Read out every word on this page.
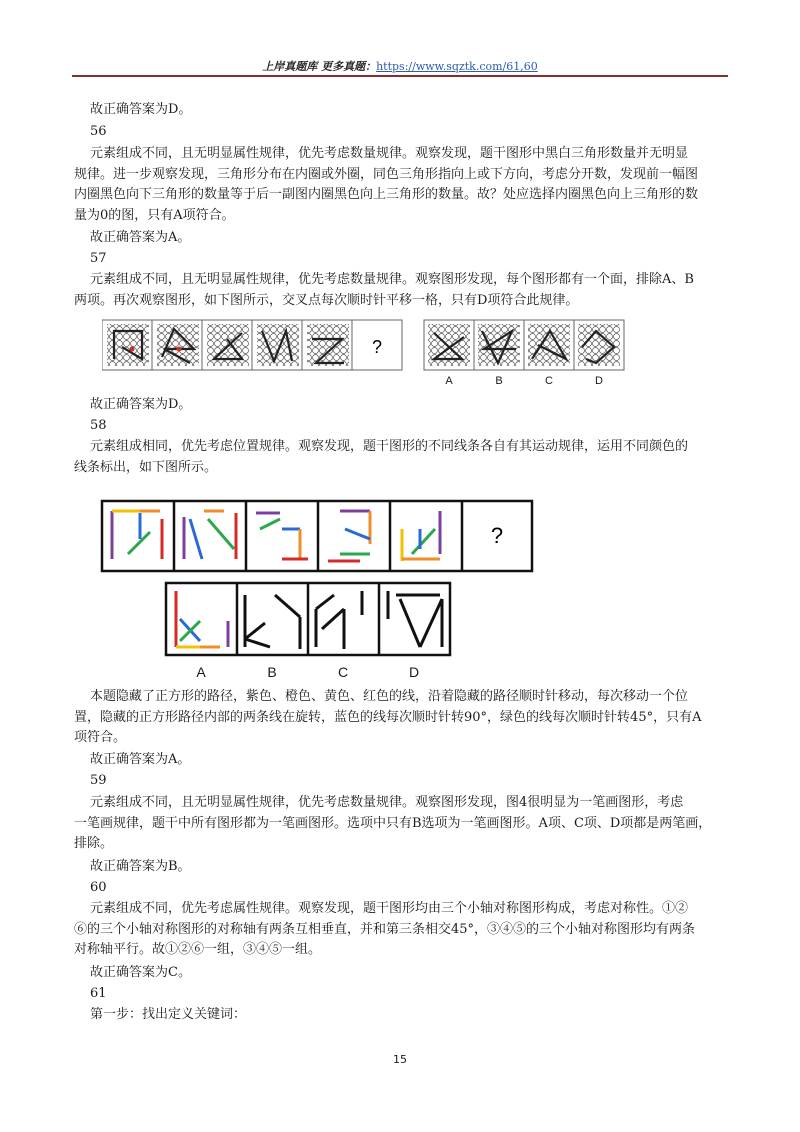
上岸真题库 更多真题：https://www.sqztk.com/61,60
故正确答案为D。
56
元素组成不同，且无明显属性规律，优先考虑数量规律。观察发现，题干图形中黑白三角形数量并无明显
规律。进一步观察发现，三角形分布在内圈或外圈，同色三角形指向上或下方向，考虑分开数，发现前一幅图
内圈黑色向下三角形的数量等于后一副图内圈黑色向上三角形的数量。故？处应选择内圈黑色向上三角形的数
量为0的图，只有A项符合。
故正确答案为A。
57
元素组成不同，且无明显属性规律，优先考虑数量规律。观察图形发现，每个图形都有一个面，排除A、B
两项。再次观察图形，如下图所示，交叉点每次顺时针平移一格，只有D项符合此规律。
?
A	B	C	D
故正确答案为D。
58
元素组成相同，优先考虑位置规律。观察发现，题干图形的不同线条各自有其运动规律，运用不同颜色的
线条标出，如下图所示。
?
A	B	C	D
本题隐藏了正方形的路径，紫色、橙色、黄色、红色的线，沿着隐藏的路径顺时针移动，每次移动一个位
置，隐藏的正方形路径内部的两条线在旋转，蓝色的线每次顺时针转90°，绿色的线每次顺时针转45°，只有A
项符合。
故正确答案为A。
59
元素组成不同，且无明显属性规律，优先考虑数量规律。观察图形发现，图4很明显为一笔画图形，考虑
一笔画规律，题干中所有图形都为一笔画图形。选项中只有B选项为一笔画图形。A项、C项、D项都是两笔画，
排除。
故正确答案为B。
60
元素组成不同，优先考虑属性规律。观察发现，题干图形均由三个小轴对称图形构成，考虑对称性。①②
⑥的三个小轴对称图形的对称轴有两条互相垂直，并和第三条相交45°，③④⑤的三个小轴对称图形均有两条
对称轴平行。故①②⑥一组，③④⑤一组。
故正确答案为C。
61
第一步：找出定义关键词：
15
